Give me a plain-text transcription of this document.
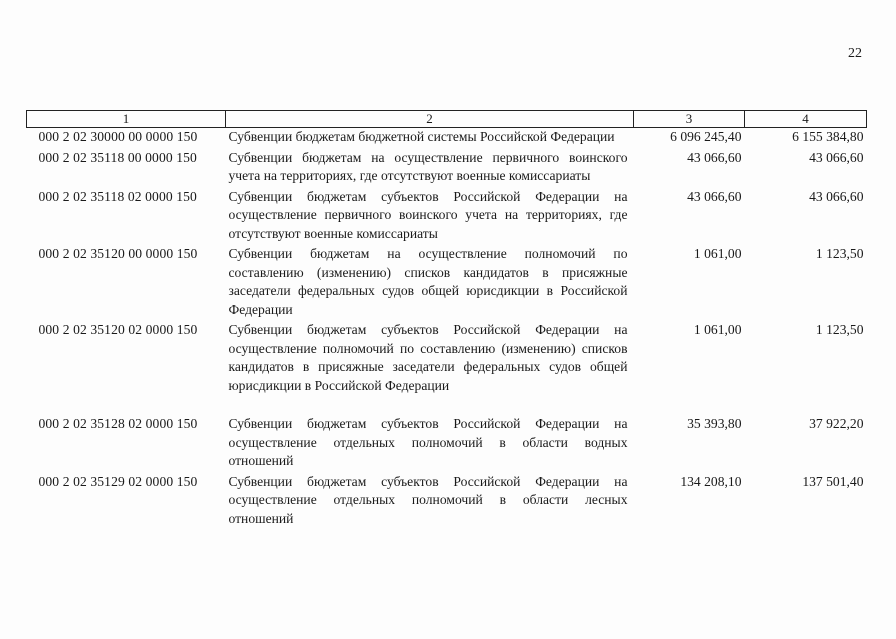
22
1	2	3	4
000 2 02 30000 00 0000 150	Субвенции бюджетам бюджетной системы Российской Федерации	6 096 245,40	6 155 384,80
000 2 02 35118 00 0000 150	Субвенции бюджетам на осуществление первичного воинского учета на территориях, где отсутствуют военные комиссариаты	43 066,60	43 066,60
000 2 02 35118 02 0000 150	Субвенции бюджетам субъектов Российской Федерации на осуществление первичного воинского учета на территориях, где отсутствуют военные комиссариаты	43 066,60	43 066,60
000 2 02 35120 00 0000 150	Субвенции бюджетам на осуществление полномочий по составлению (изменению) списков кандидатов в присяжные заседатели федеральных судов общей юрисдикции в Российской Федерации	1 061,00	1 123,50
000 2 02 35120 02 0000 150	Субвенции бюджетам субъектов Российской Федерации на осуществление полномочий по составлению (изменению) списков кандидатов в присяжные заседатели федеральных судов общей юрисдикции в Российской Федерации	1 061,00	1 123,50

000 2 02 35128 02 0000 150	Субвенции бюджетам субъектов Российской Федерации на осуществление отдельных полномочий в области водных отношений	35 393,80	37 922,20
000 2 02 35129 02 0000 150	Субвенции бюджетам субъектов Российской Федерации на осуществление отдельных полномочий в области лесных отношений	134 208,10	137 501,40
